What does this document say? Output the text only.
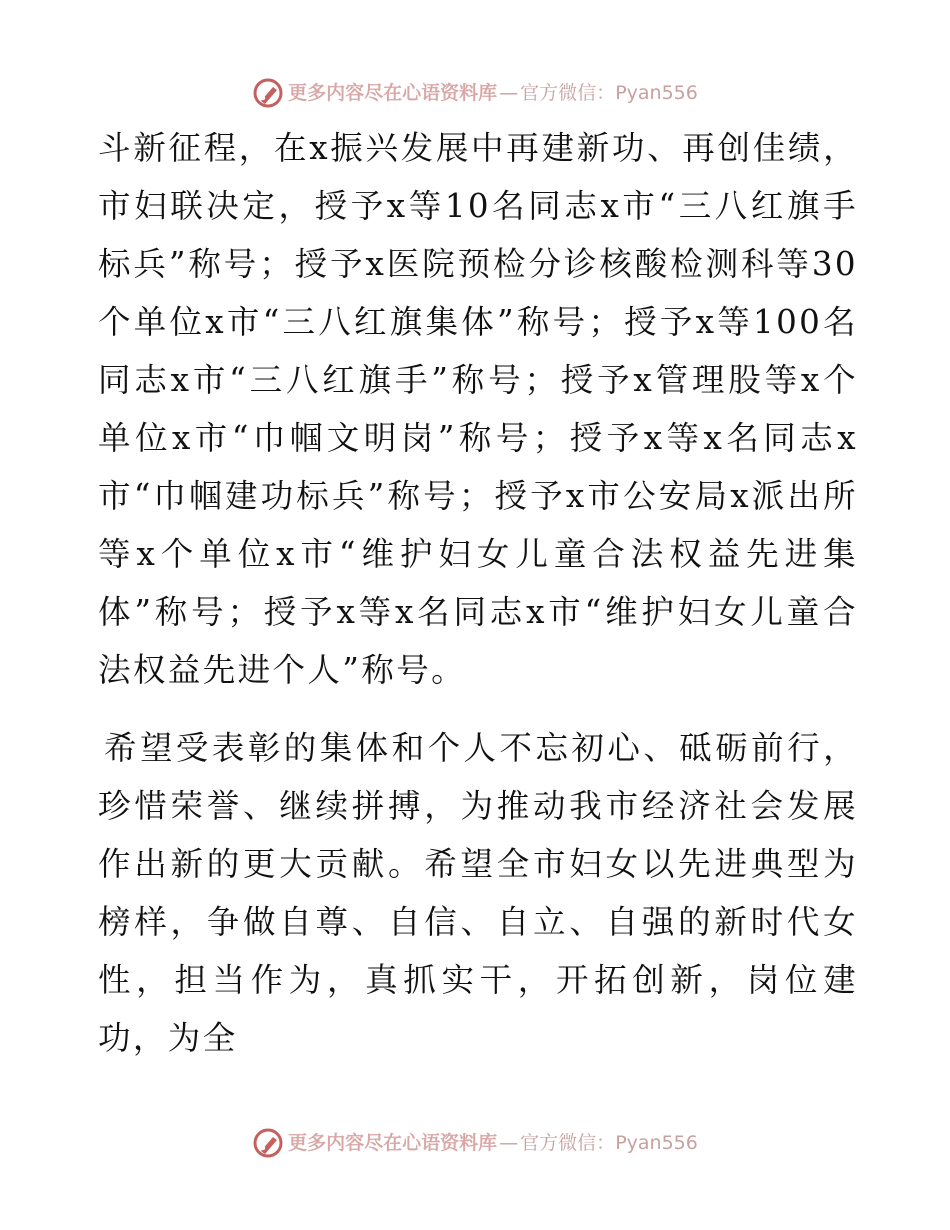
更多内容尽在心语资料库 — 官方微信： Pyan556

斗新征程，在x振兴发展中再建新功、再创佳绩，市妇联决定，授予x等10名同志x市“三八红旗手标兵”称号；授予x医院预检分诊核酸检测科等30个单位x市“三八红旗集体”称号；授予x等100名同志x市“三八红旗手”称号；授予x管理股等x个单位x市“巾帼文明岗”称号；授予x等x名同志x市“巾帼建功标兵”称号；授予x市公安局x派出所等x个单位x市“维护妇女儿童合法权益先进集体”称号；授予x等x名同志x市“维护妇女儿童合法权益先进个人”称号。

希望受表彰的集体和个人不忘初心、砥砺前行，珍惜荣誉、继续拼搏，为推动我市经济社会发展作出新的更大贡献。希望全市妇女以先进典型为榜样，争做自尊、自信、自立、自强的新时代女性，担当作为，真抓实干，开拓创新，岗位建功，为全

更多内容尽在心语资料库 — 官方微信： Pyan556
